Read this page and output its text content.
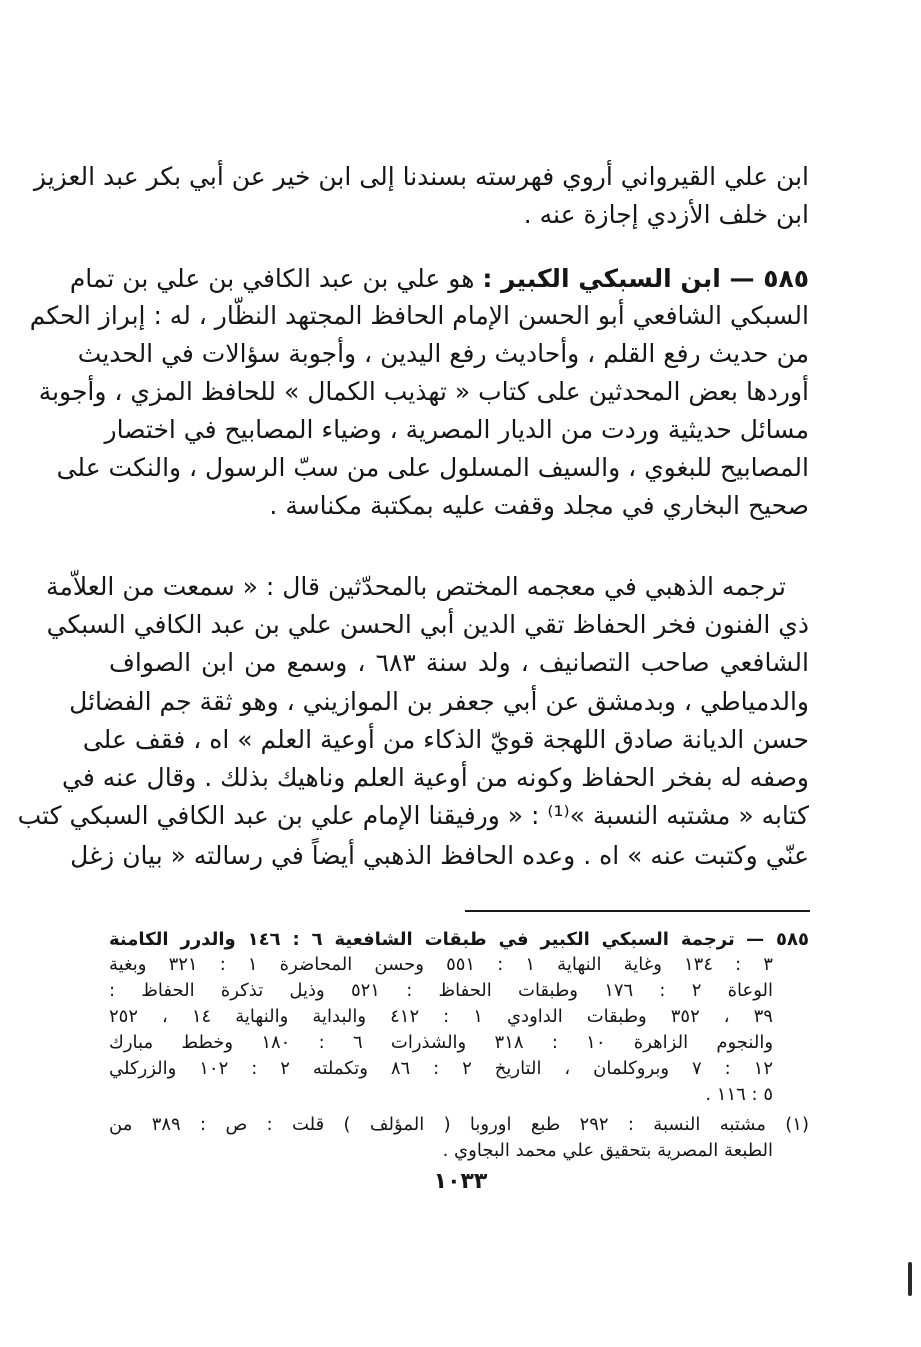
ابن علي القيرواني أروي فهرسته بسندنا إلى ابن خير عن أبي بكر عبد العزيز
ابن خلف الأزدي إجازة عنه .
٥٨٥ — ابن السبكي الكبير : هو علي بن عبد الكافي بن علي بن تمام
السبكي الشافعي أبو الحسن الإمام الحافظ المجتهد النظّار ، له : إبراز الحكم
من حديث رفع القلم ، وأحاديث رفع اليدين ، وأجوبة سؤالات في الحديث
أوردها بعض المحدثين على كتاب « تهذيب الكمال » للحافظ المزي ، وأجوبة
مسائل حديثية وردت من الديار المصرية ، وضياء المصابيح في اختصار
المصابيح للبغوي ، والسيف المسلول على من سبّ الرسول ، والنكت على
صحيح البخاري في مجلد وقفت عليه بمكتبة مكناسة .
ترجمه الذهبي في معجمه المختص بالمحدّثين قال : « سمعت من العلاّمة
ذي الفنون فخر الحفاظ تقي الدين أبي الحسن علي بن عبد الكافي السبكي
الشافعي صاحب التصانيف ، ولد سنة ٦٨٣ ، وسمع من ابن الصواف
والدمياطي ، وبدمشق عن أبي جعفر بن الموازيني ، وهو ثقة جم الفضائل
حسن الديانة صادق اللهجة قويّ الذكاء من أوعية العلم » اه ، فقف على
وصفه له بفخر الحفاظ وكونه من أوعية العلم وناهيك بذلك . وقال عنه في
كتابه « مشتبه النسبة »⁽¹⁾ : « ورفيقنا الإمام علي بن عبد الكافي السبكي كتب
عنّي وكتبت عنه » اه . وعده الحافظ الذهبي أيضاً في رسالته « بيان زغل
٥٨٥ — ترجمة السبكي الكبير في طبقات الشافعية ٦ : ١٤٦ والدرر الكامنة
٣ : ١٣٤ وغاية النهاية ١ : ٥٥١ وحسن المحاضرة ١ : ٣٢١ وبغية
الوعاة ٢ : ١٧٦ وطبقات الحفاظ : ٥٢١ وذيل تذكرة الحفاظ :
٣٩ ، ٣٥٢ وطبقات الداودي ١ : ٤١٢ والبداية والنهاية ١٤ ، ٢٥٢
والنجوم الزاهرة ١٠ : ٣١٨ والشذرات ٦ : ١٨٠ وخطط مبارك
١٢ : ٧ وبروكلمان ، التاريخ ٢ : ٨٦ وتكملته ٢ : ١٠٢ والزركلي
٥ : ١١٦ .
(١) مشتبه النسبة : ٢٩٢ طبع اوروبا ( المؤلف ) قلت : ص : ٣٨٩ من
الطبعة المصرية بتحقيق علي محمد البجاوي .
١٠٣٣
